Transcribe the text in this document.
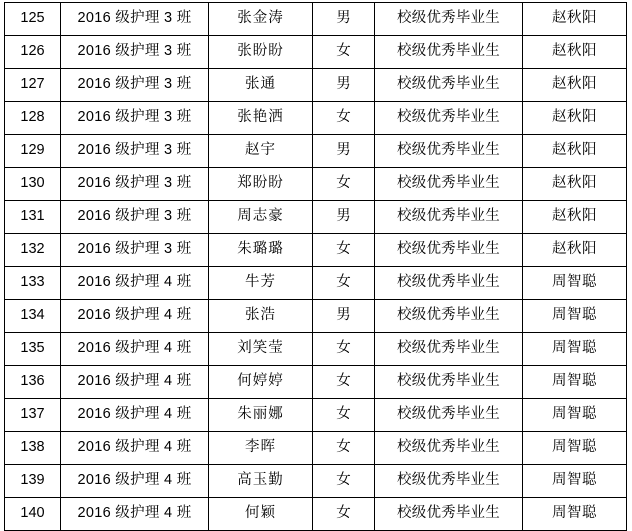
125	2016 级护理 3 班	张金涛	男	校级优秀毕业生	赵秋阳
126	2016 级护理 3 班	张盼盼	女	校级优秀毕业生	赵秋阳
127	2016 级护理 3 班	张通	男	校级优秀毕业生	赵秋阳
128	2016 级护理 3 班	张艳洒	女	校级优秀毕业生	赵秋阳
129	2016 级护理 3 班	赵宇	男	校级优秀毕业生	赵秋阳
130	2016 级护理 3 班	郑盼盼	女	校级优秀毕业生	赵秋阳
131	2016 级护理 3 班	周志豪	男	校级优秀毕业生	赵秋阳
132	2016 级护理 3 班	朱璐璐	女	校级优秀毕业生	赵秋阳
133	2016 级护理 4 班	牛芳	女	校级优秀毕业生	周智聪
134	2016 级护理 4 班	张浩	男	校级优秀毕业生	周智聪
135	2016 级护理 4 班	刘笑莹	女	校级优秀毕业生	周智聪
136	2016 级护理 4 班	何婷婷	女	校级优秀毕业生	周智聪
137	2016 级护理 4 班	朱丽娜	女	校级优秀毕业生	周智聪
138	2016 级护理 4 班	李晖	女	校级优秀毕业生	周智聪
139	2016 级护理 4 班	高玉勤	女	校级优秀毕业生	周智聪
140	2016 级护理 4 班	何颖	女	校级优秀毕业生	周智聪
